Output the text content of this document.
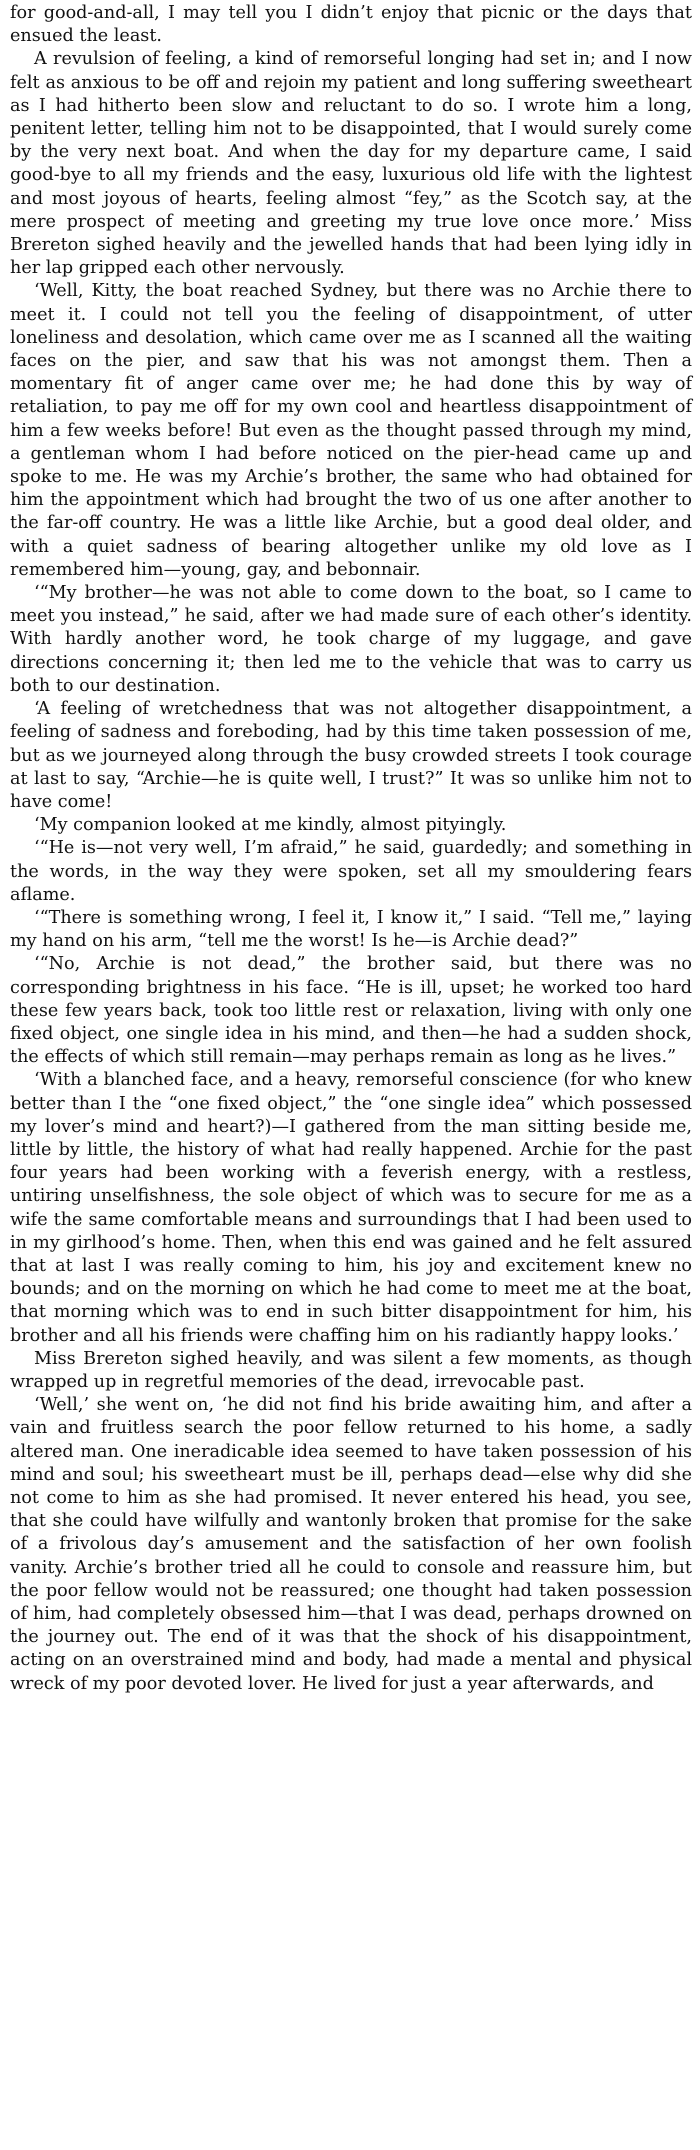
for good-and-all, I may tell you I didn’t enjoy that picnic or the days that ensued the least.

A revulsion of feeling, a kind of remorseful longing had set in; and I now felt as anxious to be off and rejoin my patient and long suffering sweetheart as I had hitherto been slow and reluctant to do so. I wrote him a long, penitent letter, telling him not to be disappointed, that I would surely come by the very next boat. And when the day for my departure came, I said good-bye to all my friends and the easy, luxurious old life with the lightest and most joyous of hearts, feeling almost “fey,” as the Scotch say, at the mere prospect of meeting and greeting my true love once more.’ Miss Brereton sighed heavily and the jewelled hands that had been lying idly in her lap gripped each other nervously.

‘Well, Kitty, the boat reached Sydney, but there was no Archie there to meet it. I could not tell you the feeling of disappointment, of utter loneliness and desolation, which came over me as I scanned all the waiting faces on the pier, and saw that his was not amongst them. Then a momentary fit of anger came over me; he had done this by way of retaliation, to pay me off for my own cool and heartless disappointment of him a few weeks before! But even as the thought passed through my mind, a gentleman whom I had before noticed on the pier-head came up and spoke to me. He was my Archie’s brother, the same who had obtained for him the appointment which had brought the two of us one after another to the far-off country. He was a little like Archie, but a good deal older, and with a quiet sadness of bearing altogether unlike my old love as I remembered him—young, gay, and bebonnair.

‘“My brother—he was not able to come down to the boat, so I came to meet you instead,” he said, after we had made sure of each other’s identity. With hardly another word, he took charge of my luggage, and gave directions concerning it; then led me to the vehicle that was to carry us both to our destination.

‘A feeling of wretchedness that was not altogether disappointment, a feeling of sadness and foreboding, had by this time taken possession of me, but as we journeyed along through the busy crowded streets I took courage at last to say, “Archie—he is quite well, I trust?” It was so unlike him not to have come!

‘My companion looked at me kindly, almost pityingly.

‘“He is—not very well, I’m afraid,” he said, guardedly; and something in the words, in the way they were spoken, set all my smouldering fears aflame.

‘“There is something wrong, I feel it, I know it,” I said. “Tell me,” laying my hand on his arm, “tell me the worst! Is he—is Archie dead?”

‘“No, Archie is not dead,” the brother said, but there was no corresponding brightness in his face. “He is ill, upset; he worked too hard these few years back, took too little rest or relaxation, living with only one fixed object, one single idea in his mind, and then—he had a sudden shock, the effects of which still remain—may perhaps remain as long as he lives.”

‘With a blanched face, and a heavy, remorseful conscience (for who knew better than I the “one fixed object,” the “one single idea” which possessed my lover’s mind and heart?)—I gathered from the man sitting beside me, little by little, the history of what had really happened. Archie for the past four years had been working with a feverish energy, with a restless, untiring unselfishness, the sole object of which was to secure for me as a wife the same comfortable means and surroundings that I had been used to in my girlhood’s home. Then, when this end was gained and he felt assured that at last I was really coming to him, his joy and excitement knew no bounds; and on the morning on which he had come to meet me at the boat, that morning which was to end in such bitter disappointment for him, his brother and all his friends were chaffing him on his radiantly happy looks.’

Miss Brereton sighed heavily, and was silent a few moments, as though wrapped up in regretful memories of the dead, irrevocable past.

‘Well,’ she went on, ‘he did not find his bride awaiting him, and after a vain and fruitless search the poor fellow returned to his home, a sadly altered man. One ineradicable idea seemed to have taken possession of his mind and soul; his sweetheart must be ill, perhaps dead—else why did she not come to him as she had promised. It never entered his head, you see, that she could have wilfully and wantonly broken that promise for the sake of a frivolous day’s amusement and the satisfaction of her own foolish vanity. Archie’s brother tried all he could to console and reassure him, but the poor fellow would not be reassured; one thought had taken possession of him, had completely obsessed him—that I was dead, perhaps drowned on the journey out. The end of it was that the shock of his disappointment, acting on an overstrained mind and body, had made a mental and physical wreck of my poor devoted lover. He lived for just a year afterwards, and
